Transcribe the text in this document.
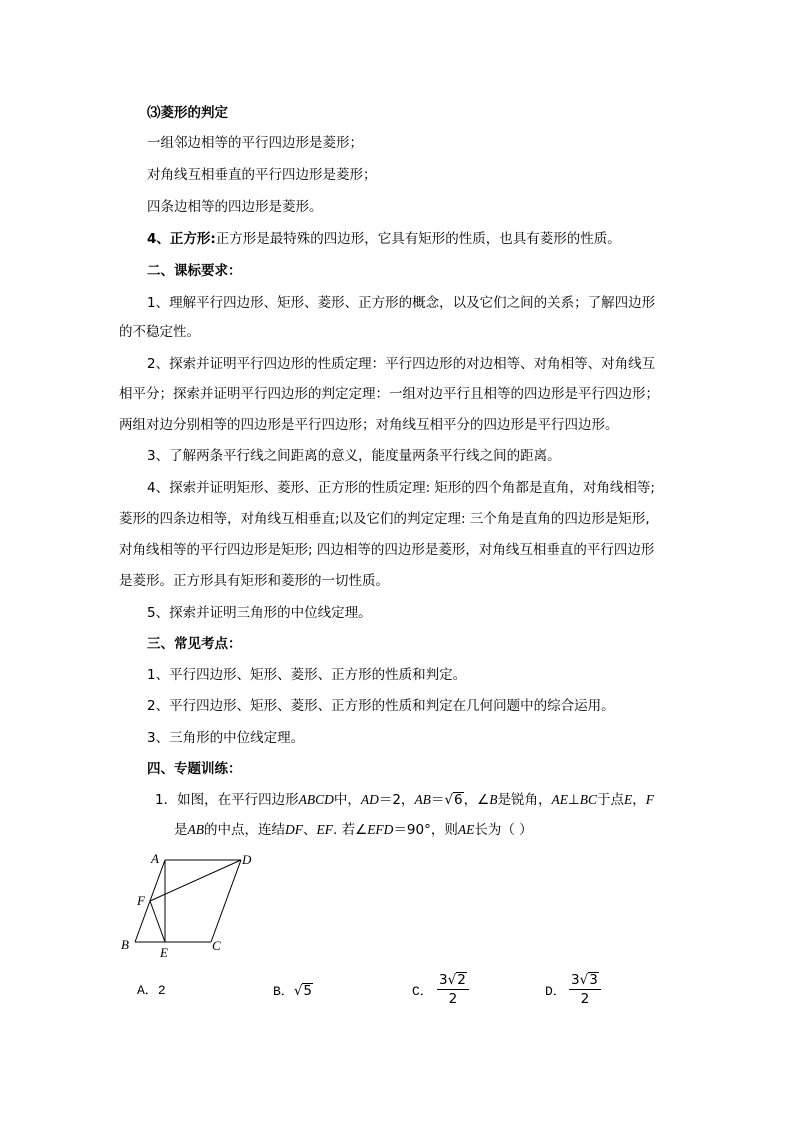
⑶菱形的判定
一组邻边相等的平行四边形是菱形；
对角线互相垂直的平行四边形是菱形；
四条边相等的四边形是菱形。
4、正方形:正方形是最特殊的四边形，它具有矩形的性质，也具有菱形的性质。
二、课标要求：
1、理解平行四边形、矩形、菱形、正方形的概念，以及它们之间的关系；了解四边形
的不稳定性。
2、探索并证明平行四边形的性质定理：平行四边形的对边相等、对角相等、对角线互
相平分；探索并证明平行四边形的判定定理：一组对边平行且相等的四边形是平行四边形；
两组对边分别相等的四边形是平行四边形；对角线互相平分的四边形是平行四边形。
3、了解两条平行线之间距离的意义，能度量两条平行线之间的距离。
4、探索并证明矩形、菱形、正方形的性质定理: 矩形的四个角都是直角，对角线相等;
菱形的四条边相等，对角线互相垂直;以及它们的判定定理: 三个角是直角的四边形是矩形,
对角线相等的平行四边形是矩形; 四边相等的四边形是菱形，对角线互相垂直的平行四边形
是菱形。正方形具有矩形和菱形的一切性质。
5、探索并证明三角形的中位线定理。
三、常见考点：
1、平行四边形、矩形、菱形、正方形的性质和判定。
2、平行四边形、矩形、菱形、正方形的性质和判定在几何问题中的综合运用。
3、三角形的中位线定理。
四、专题训练：
1．如图，在平行四边形ABCD中，AD＝2，AB＝√6，∠B是锐角，AE⊥BC于点E，F
是AB的中点，连结DF、EF. 若∠EFD＝90°，则AE长为（ ）
A	D
F
B
E	C
A．2	B．√5	C． $\frac{3√2}{2}$	D． $\frac{3√3}{2}$
